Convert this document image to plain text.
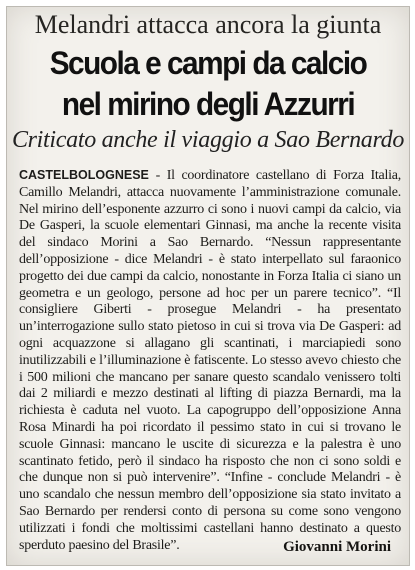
Melandri attacca ancora la giunta
Scuola e campi da calcio
nel mirino degli Azzurri
Criticato anche il viaggio a Sao Bernardo

CASTELBOLOGNESE - Il coordinatore castellano di Forza Italia, Camillo Melandri, attacca nuovamente l’amministrazione comunale. Nel mirino dell’esponente azzurro ci sono i nuovi campi da calcio, via De Gasperi, la scuole elementari Ginnasi, ma anche la recente visita del sindaco Morini a Sao Bernardo. “Nessun rappresentante dell’opposizione - dice Melandri - è stato interpellato sul faraonico progetto dei due campi da calcio, nonostante in Forza Italia ci siano un geometra e un geologo, persone ad hoc per un parere tecnico”. “Il consigliere Giberti - prosegue Melandri - ha presentato un’interrogazione sullo stato pietoso in cui si trova via De Gasperi: ad ogni acquazzone si allagano gli scantinati, i marciapiedi sono inutilizzabili e l’illuminazione è fatiscente. Lo stesso avevo chiesto che i 500 milioni che mancano per sanare questo scandalo venissero tolti dai 2 miliardi e mezzo destinati al lifting di piazza Bernardi, ma la richiesta è caduta nel vuoto. La capogruppo dell’opposizione Anna Rosa Minardi ha poi ricordato il pessimo stato in cui si trovano le scuole Ginnasi: mancano le uscite di sicurezza e la palestra è uno scantinato fetido, però il sindaco ha risposto che non ci sono soldi e che dunque non si può intervenire”. “Infine - conclude Melandri - è uno scandalo che nessun membro dell’opposizione sia stato invitato a Sao Bernardo per rendersi conto di persona su come sono vengono utilizzati i fondi che moltissimi castellani hanno destinato a questo sperduto paesino del Brasile”.	Giovanni Morini
